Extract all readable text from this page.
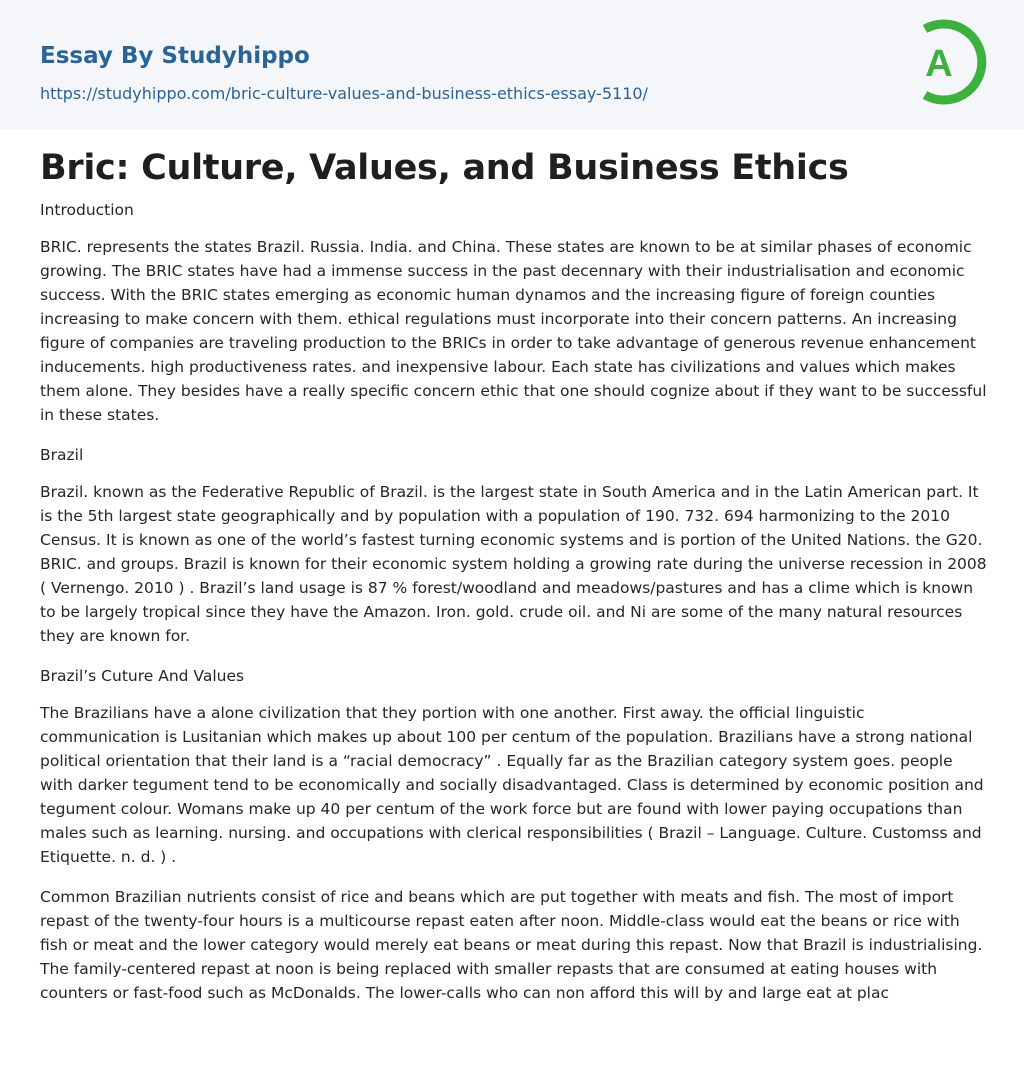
Essay By Studyhippo
https://studyhippo.com/bric-culture-values-and-business-ethics-essay-5110/
A
Bric: Culture, Values, and Business Ethics

Introduction

BRIC. represents the states Brazil. Russia. India. and China. These states are known to be at similar phases of economic growing. The BRIC states have had a immense success in the past decennary with their industrialisation and economic success. With the BRIC states emerging as economic human dynamos and the increasing figure of foreign counties increasing to make concern with them. ethical regulations must incorporate into their concern patterns. An increasing figure of companies are traveling production to the BRICs in order to take advantage of generous revenue enhancement inducements. high productiveness rates. and inexpensive labour. Each state has civilizations and values which makes them alone. They besides have a really specific concern ethic that one should cognize about if they want to be successful in these states.

Brazil

Brazil. known as the Federative Republic of Brazil. is the largest state in South America and in the Latin American part. It is the 5th largest state geographically and by population with a population of 190. 732. 694 harmonizing to the 2010 Census. It is known as one of the world’s fastest turning economic systems and is portion of the United Nations. the G20. BRIC. and groups. Brazil is known for their economic system holding a growing rate during the universe recession in 2008 ( Vernengo. 2010 ) . Brazil’s land usage is 87 % forest/woodland and meadows/pastures and has a clime which is known to be largely tropical since they have the Amazon. Iron. gold. crude oil. and Ni are some of the many natural resources they are known for.

Brazil’s Cuture And Values

The Brazilians have a alone civilization that they portion with one another. First away. the official linguistic communication is Lusitanian which makes up about 100 per centum of the population. Brazilians have a strong national political orientation that their land is a “racial democracy” . Equally far as the Brazilian category system goes. people with darker tegument tend to be economically and socially disadvantaged. Class is determined by economic position and tegument colour. Womans make up 40 per centum of the work force but are found with lower paying occupations than males such as learning. nursing. and occupations with clerical responsibilities ( Brazil – Language. Culture. Customss and Etiquette. n. d. ) .

Common Brazilian nutrients consist of rice and beans which are put together with meats and fish. The most of import repast of the twenty-four hours is a multicourse repast eaten after noon. Middle-class would eat the beans or rice with fish or meat and the lower category would merely eat beans or meat during this repast. Now that Brazil is industrialising. The family-centered repast at noon is being replaced with smaller repasts that are consumed at eating houses with counters or fast-food such as McDonalds. The lower-calls who can non afford this will by and large eat at plac
